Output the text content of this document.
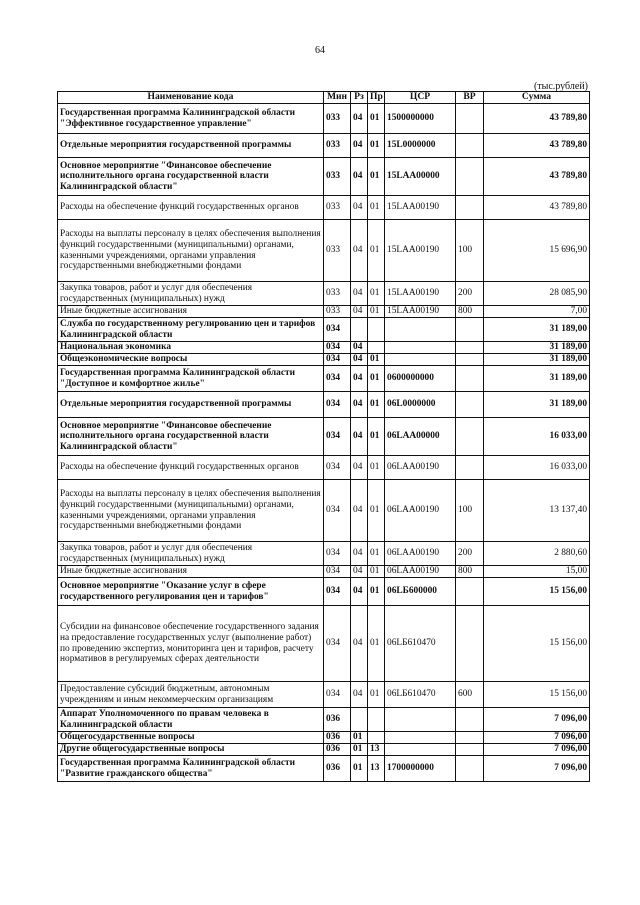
64
(тыс.рублей)
Наименование кода	Мин	Рз	Пр	ЦСР	ВР	Сумма
Государственная программа Калининградской области "Эффективное государственное управление"	033	04	01	1500000000		43 789,80
Отдельные мероприятия государственной программы	033	04	01	15L0000000		43 789,80
Основное мероприятие "Финансовое обеспечение исполнительного органа государственной власти Калининградской области"	033	04	01	15LAA00000		43 789,80
Расходы на обеспечение функций государственных органов	033	04	01	15LAA00190		43 789,80
Расходы на выплаты персоналу в целях обеспечения выполнения функций государственными (муниципальными) органами, казенными учреждениями, органами управления государственными внебюджетными фондами	033	04	01	15LAA00190	100	15 696,90
Закупка товаров, работ и услуг для обеспечения государственных (муниципальных) нужд	033	04	01	15LAA00190	200	28 085,90
Иные бюджетные ассигнования	033	04	01	15LAA00190	800	7,00
Служба по государственному регулированию цен и тарифов Калининградской области	034					31 189,00
Национальная экономика	034	04				31 189,00
Общеэкономические вопросы	034	04	01			31 189,00
Государственная программа Калининградской области "Доступное и комфортное жилье"	034	04	01	0600000000		31 189,00
Отдельные мероприятия государственной программы	034	04	01	06L0000000		31 189,00
Основное мероприятие "Финансовое обеспечение исполнительного органа государственной власти Калининградской области"	034	04	01	06LAA00000		16 033,00
Расходы на обеспечение функций государственных органов	034	04	01	06LAA00190		16 033,00
Расходы на выплаты персоналу в целях обеспечения выполнения функций государственными (муниципальными) органами, казенными учреждениями, органами управления государственными внебюджетными фондами	034	04	01	06LAA00190	100	13 137,40
Закупка товаров, работ и услуг для обеспечения государственных (муниципальных) нужд	034	04	01	06LAA00190	200	2 880,60
Иные бюджетные ассигнования	034	04	01	06LAA00190	800	15,00
Основное мероприятие "Оказание услуг в сфере государственного регулирования цен и тарифов"	034	04	01	06LБ600000		15 156,00
Субсидии на финансовое обеспечение государственного задания на предоставление государственных услуг (выполнение работ) по проведению экспертиз, мониторинга цен и тарифов, расчету нормативов в регулируемых сферах деятельности	034	04	01	06LБ610470		15 156,00
Предоставление субсидий бюджетным, автономным учреждениям и иным некоммерческим организациям	034	04	01	06LБ610470	600	15 156,00
Аппарат Уполномоченного по правам человека в Калининградской области	036					7 096,00
Общегосударственные вопросы	036	01				7 096,00
Другие общегосударственные вопросы	036	01	13			7 096,00
Государственная программа Калининградской области "Развитие гражданского общества"	036	01	13	1700000000		7 096,00
